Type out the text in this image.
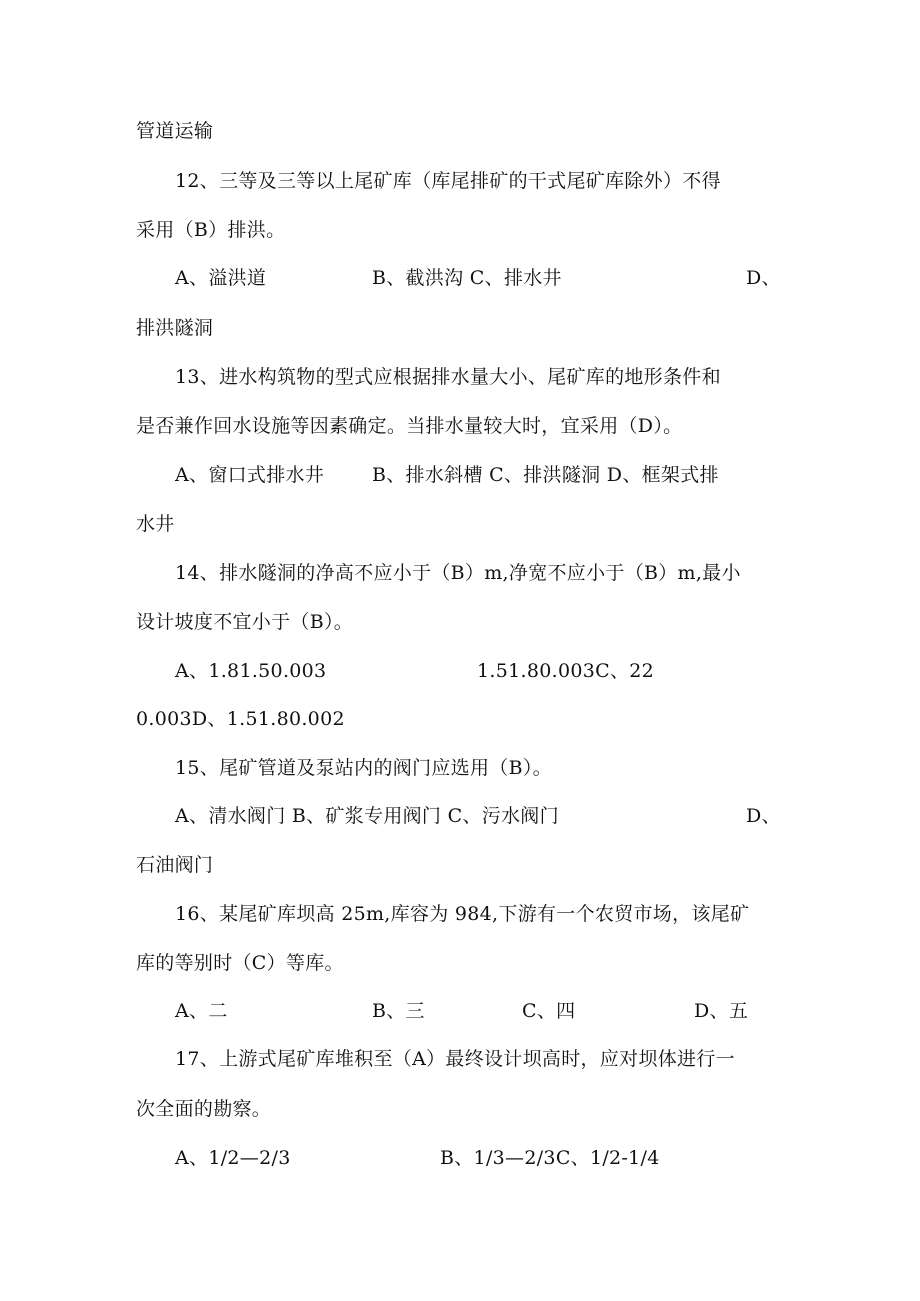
管道运输
12、三等及三等以上尾矿库（库尾排矿的干式尾矿库除外）不得
采用（B）排洪。
A、溢洪道	B、截洪沟 C、排水井	D、
排洪隧洞
13、进水构筑物的型式应根据排水量大小、尾矿库的地形条件和
是否兼作回水设施等因素确定。当排水量较大时，宜采用（D）。
A、窗口式排水井	B、排水斜槽 C、排洪隧洞 D、框架式排
水井
14、排水隧洞的净高不应小于（B）m,净宽不应小于（B）m,最小
设计坡度不宜小于（B）。
A、1.81.50.003	1.51.80.003C、22
0.003D、1.51.80.002
15、尾矿管道及泵站内的阀门应选用（B）。
A、清水阀门 B、矿浆专用阀门 C、污水阀门	D、
石油阀门
16、某尾矿库坝高 25m,库容为 984,下游有一个农贸市场，该尾矿
库的等别时（C）等库。
A、二	B、三	C、四	D、五
17、上游式尾矿库堆积至（A）最终设计坝高时，应对坝体进行一
次全面的勘察。
A、1/2—2/3	B、1/3—2/3C、1/2-1/4
